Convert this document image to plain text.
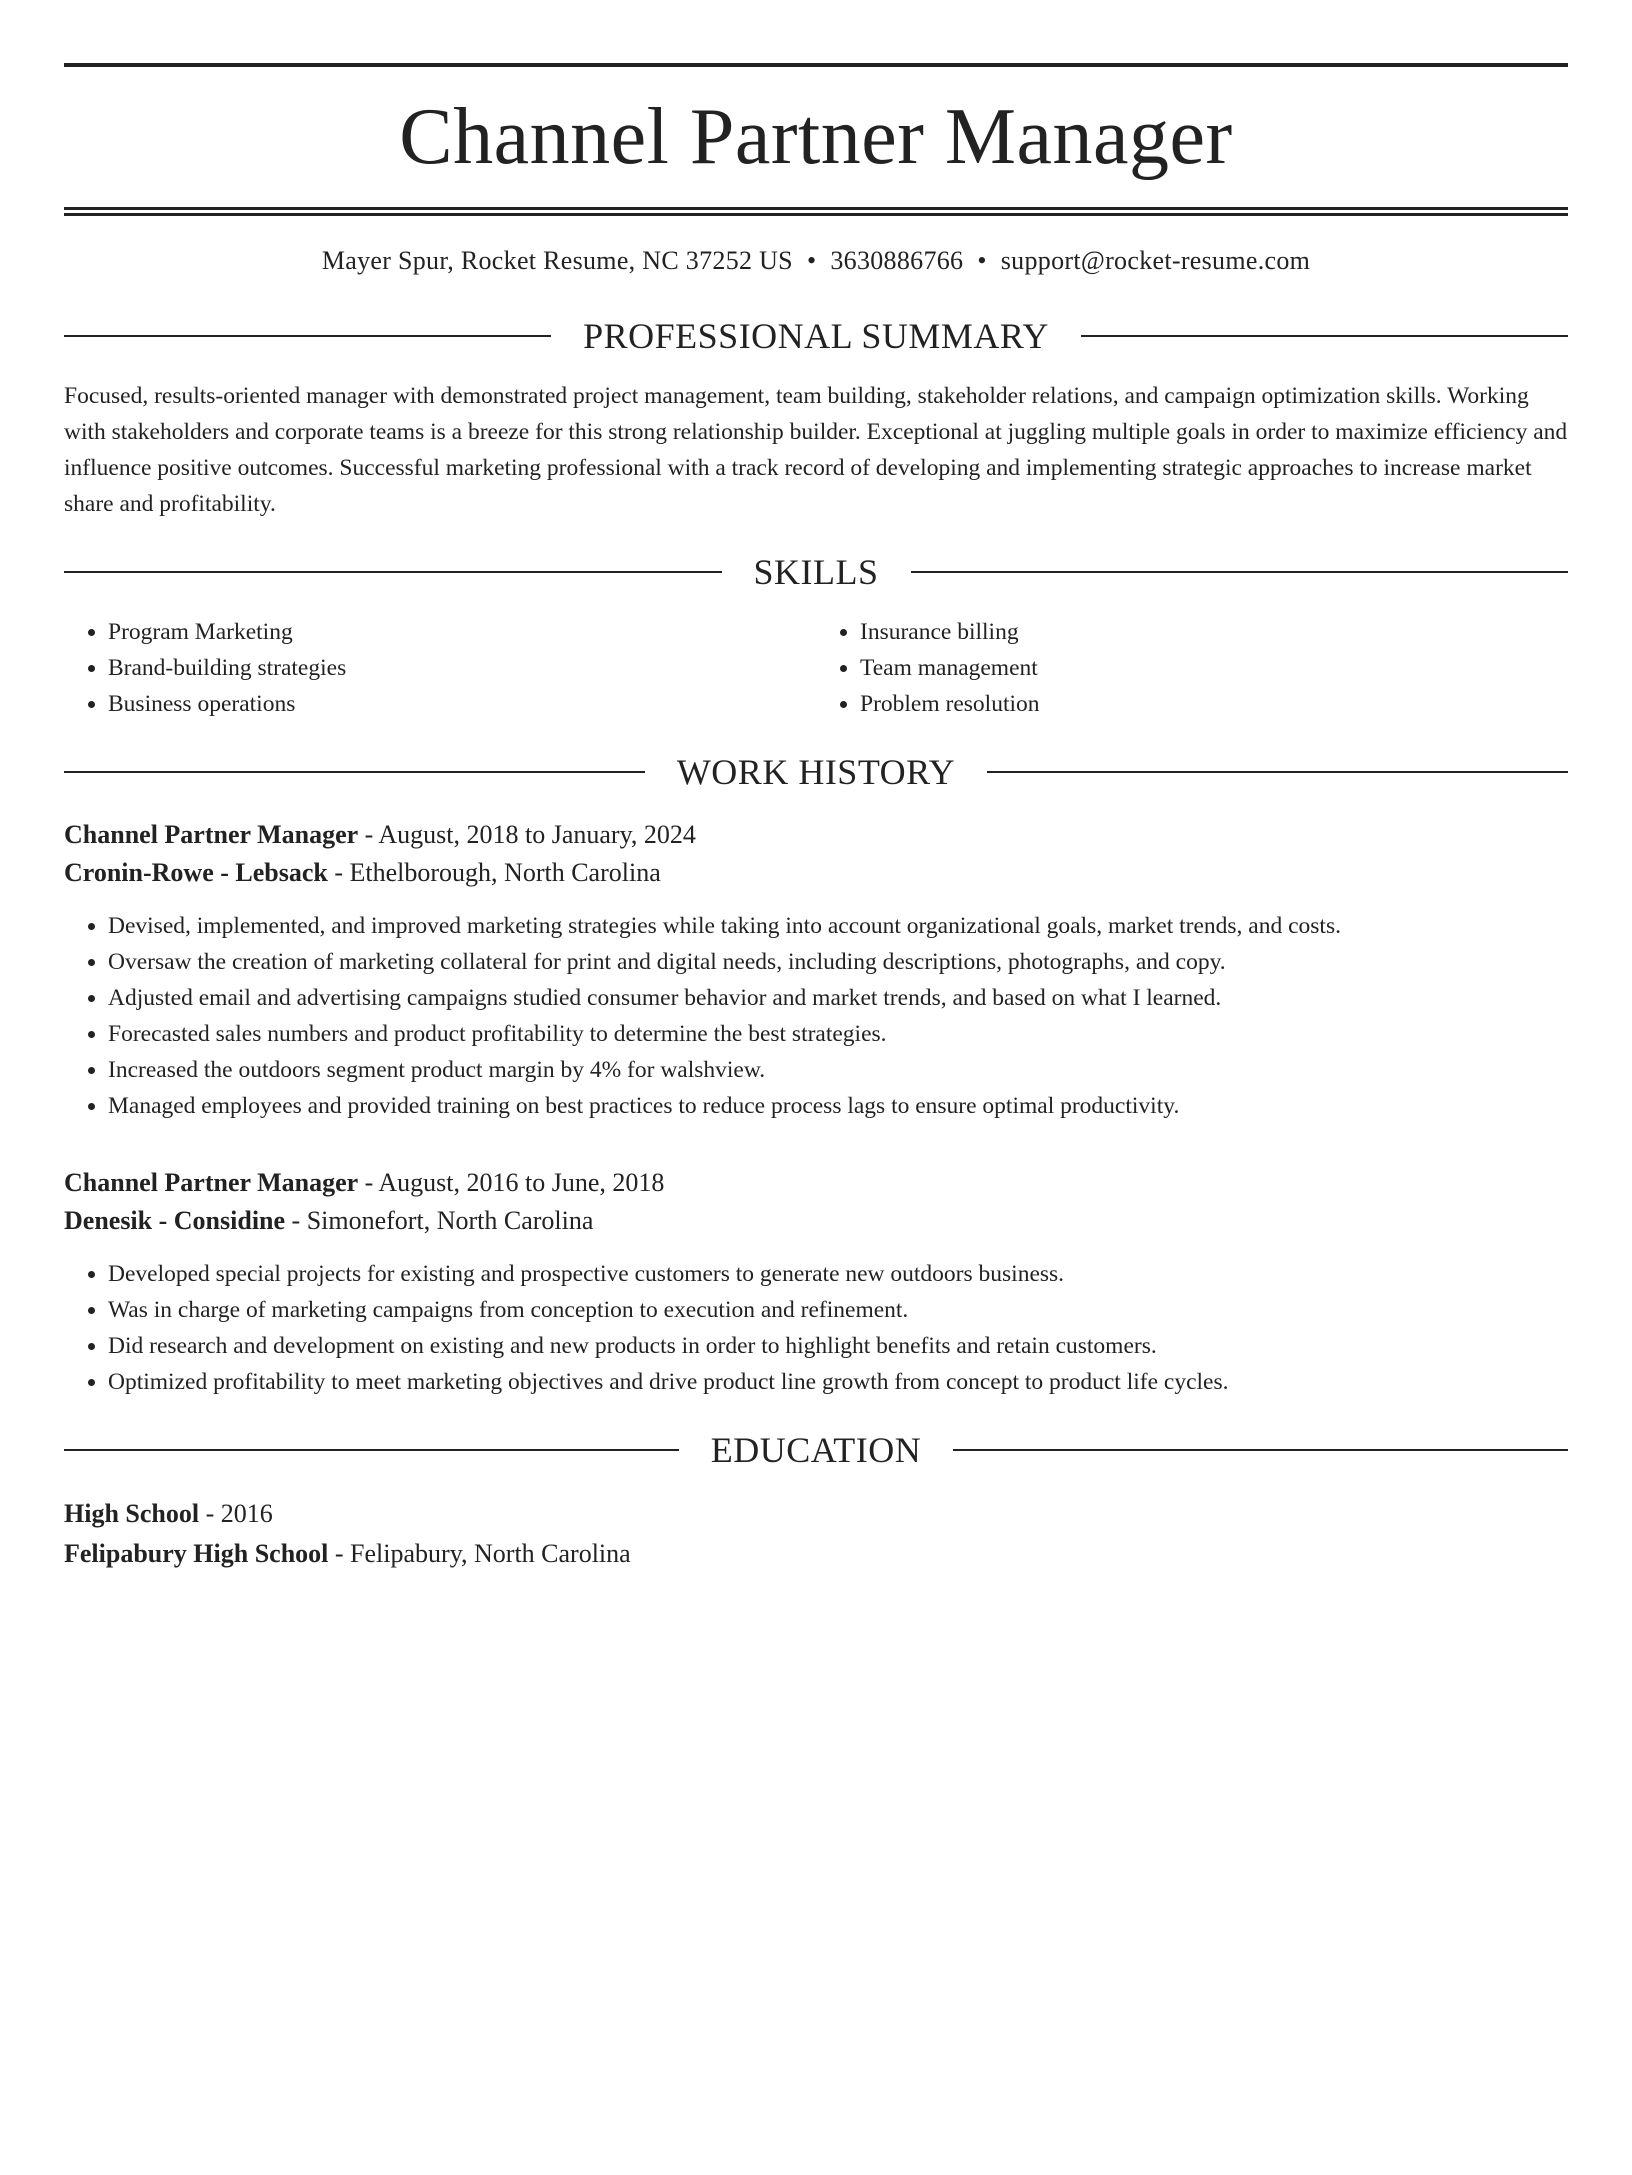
Channel Partner Manager
Mayer Spur, Rocket Resume, NC 37252 US • 3630886766 • support@rocket-resume.com
PROFESSIONAL SUMMARY

Focused, results-oriented manager with demonstrated project management, team building, stakeholder relations, and campaign optimization skills. Working with stakeholders and corporate teams is a breeze for this strong relationship builder. Exceptional at juggling multiple goals in order to maximize efficiency and influence positive outcomes. Successful marketing professional with a track record of developing and implementing strategic approaches to increase market share and profitability.

SKILLS
• Program Marketing
• Brand-building strategies
• Business operations
• Insurance billing
• Team management
• Problem resolution
WORK HISTORY
Channel Partner Manager - August, 2018 to January, 2024
Cronin-Rowe - Lebsack - Ethelborough, North Carolina
• Devised, implemented, and improved marketing strategies while taking into account organizational goals, market trends, and costs.
• Oversaw the creation of marketing collateral for print and digital needs, including descriptions, photographs, and copy.
• Adjusted email and advertising campaigns studied consumer behavior and market trends, and based on what I learned.
• Forecasted sales numbers and product profitability to determine the best strategies.
• Increased the outdoors segment product margin by 4% for walshview.
• Managed employees and provided training on best practices to reduce process lags to ensure optimal productivity.
Channel Partner Manager - August, 2016 to June, 2018
Denesik - Considine - Simonefort, North Carolina
• Developed special projects for existing and prospective customers to generate new outdoors business.
• Was in charge of marketing campaigns from conception to execution and refinement.
• Did research and development on existing and new products in order to highlight benefits and retain customers.
• Optimized profitability to meet marketing objectives and drive product line growth from concept to product life cycles.
EDUCATION
High School - 2016
Felipabury High School - Felipabury, North Carolina
